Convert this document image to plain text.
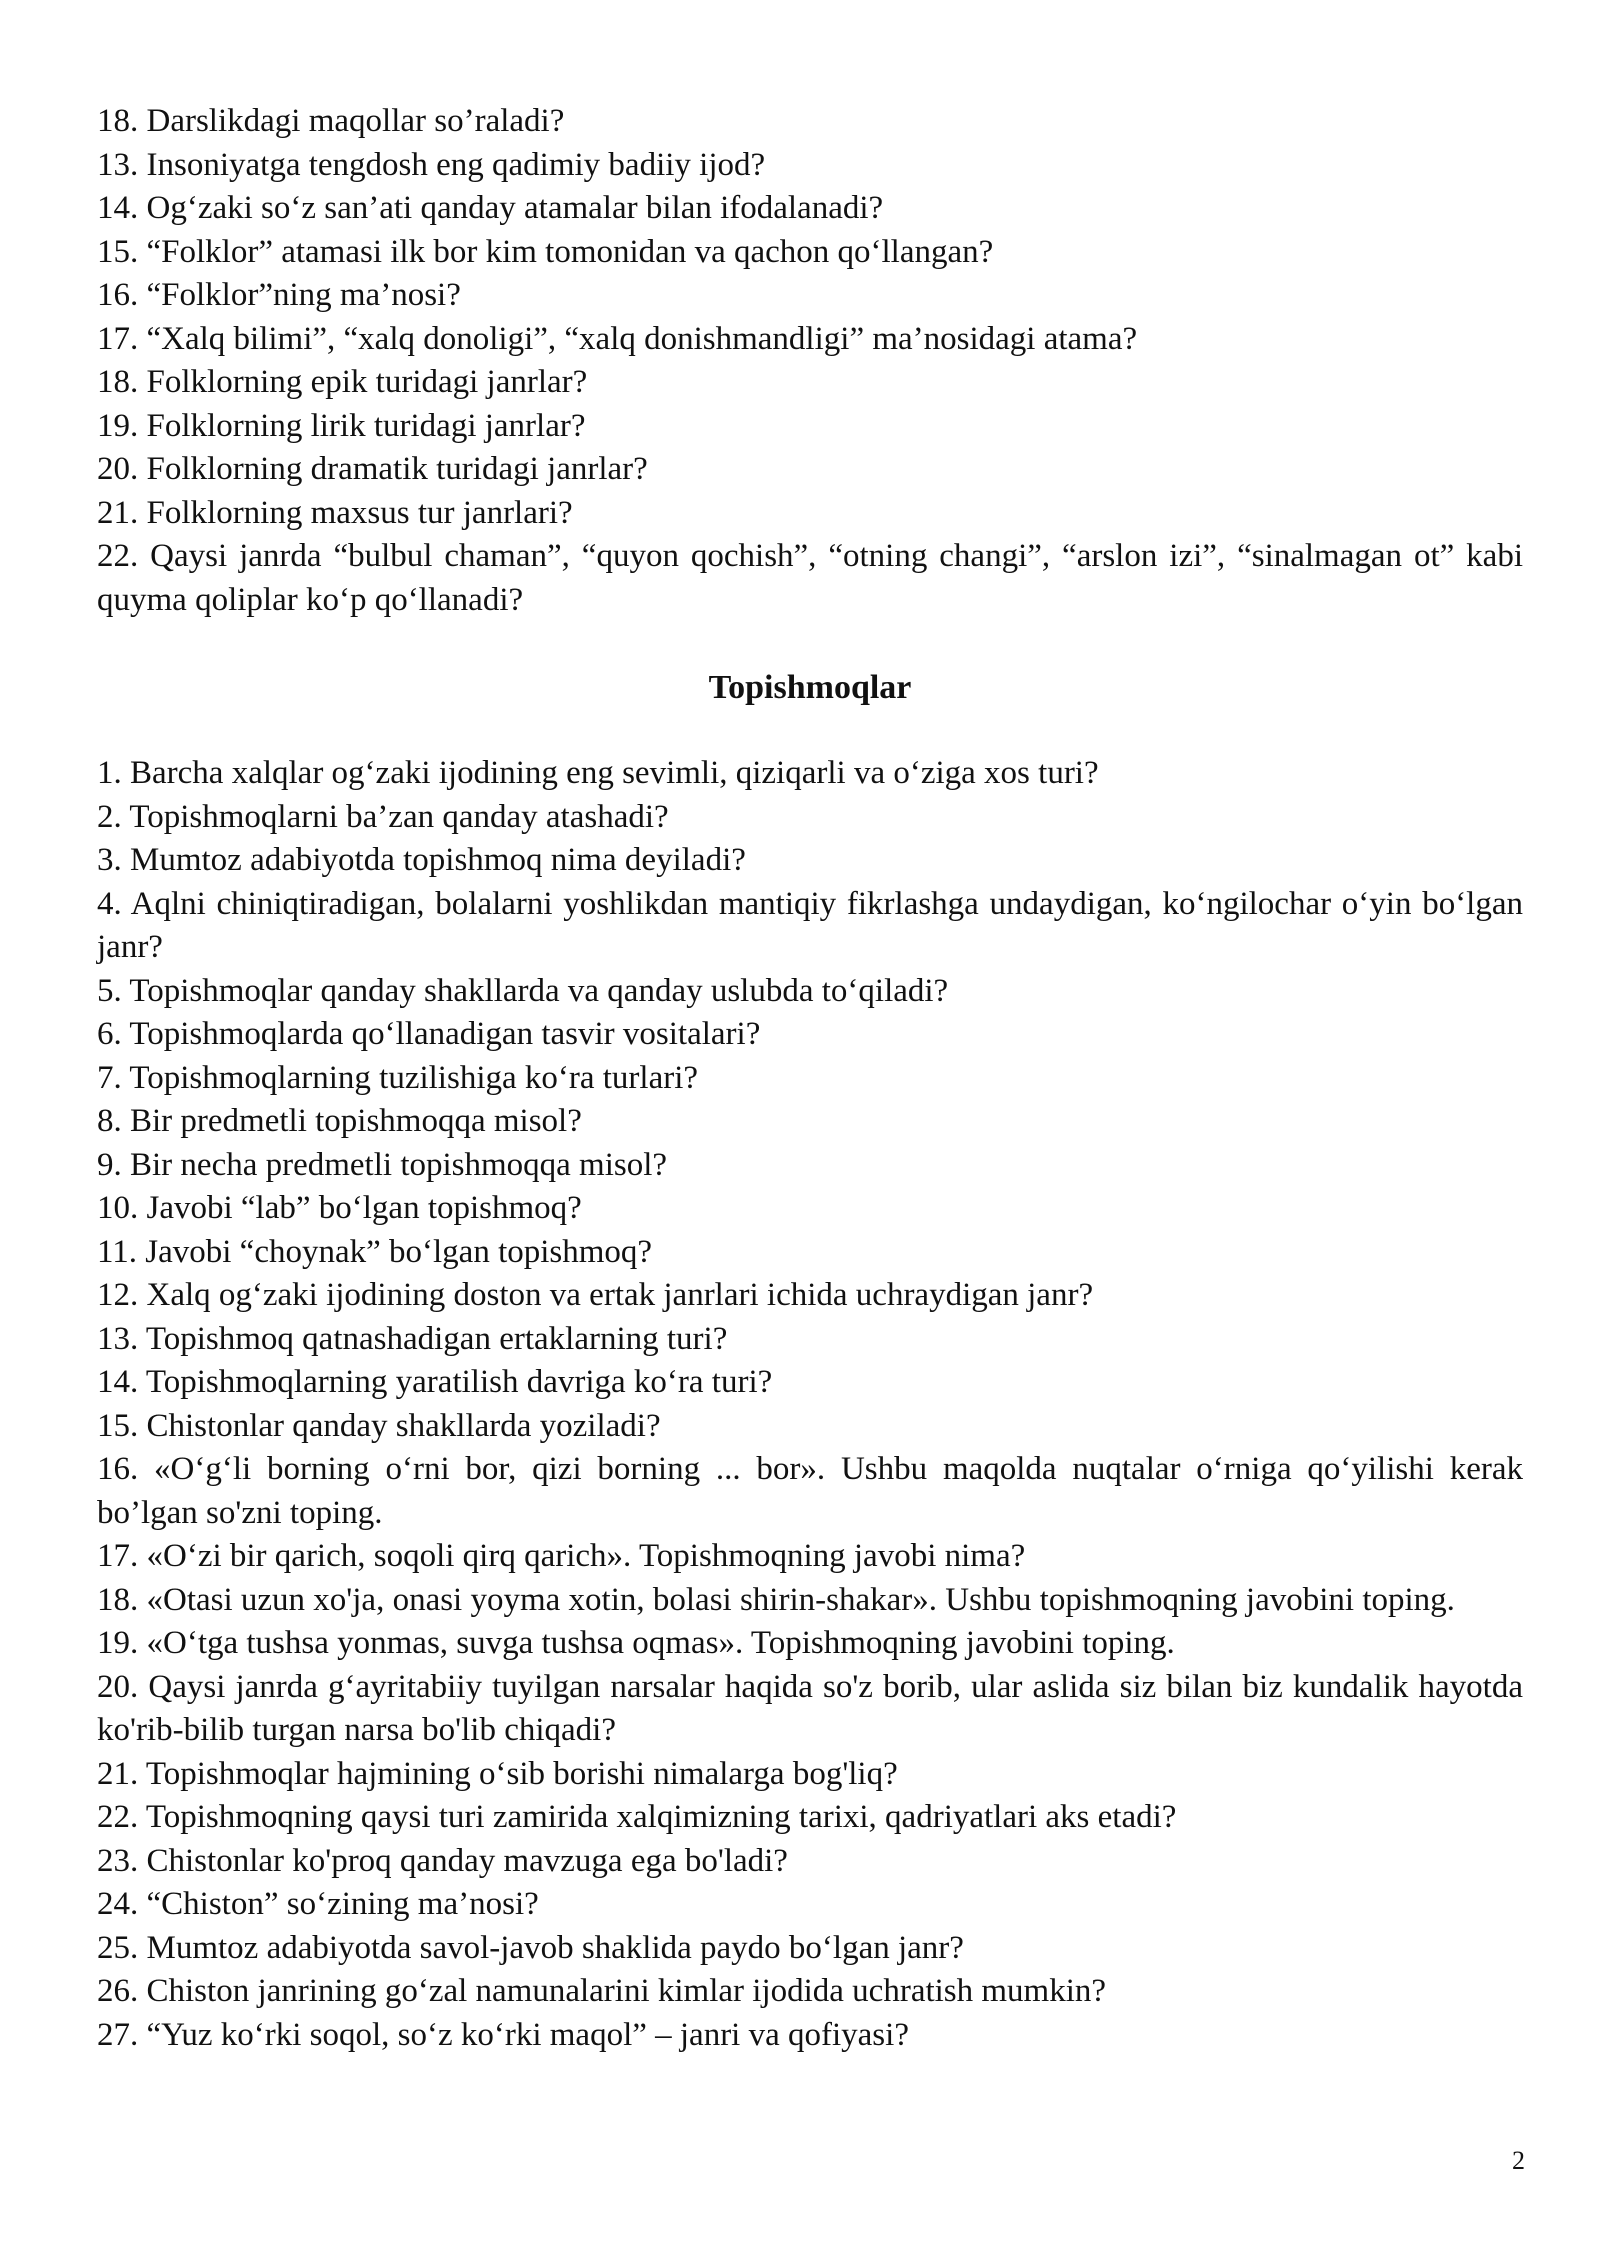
18. Darslikdagi maqollar so’raladi?

13. Insoniyatga tengdosh eng qadimiy badiiy ijod?

14. Og‘zaki so‘z san’ati qanday atamalar bilan ifodalanadi?

15. “Folklor” atamasi ilk bor kim tomonidan va qachon qo‘llangan?

16. “Folklor”ning ma’nosi?

17. “Xalq bilimi”, “xalq donoligi”, “xalq donishmandligi” ma’nosidagi atama?

18. Folklorning epik turidagi janrlar?

19. Folklorning lirik turidagi janrlar?

20. Folklorning dramatik turidagi janrlar?

21. Folklorning maxsus tur janrlari?

22. Qaysi janrda “bulbul chaman”, “quyon qochish”, “otning changi”, “arslon izi”, “sinalmagan ot” kabi quyma qoliplar ko‘p qo‘llanadi?

Topishmoqlar

1. Barcha xalqlar og‘zaki ijodining eng sevimli, qiziqarli va o‘ziga xos turi?

2. Topishmoqlarni ba’zan qanday atashadi?

3. Mumtoz adabiyotda topishmoq nima deyiladi?

4. Aqlni chiniqtiradigan, bolalarni yoshlikdan mantiqiy fikrlashga undaydigan, ko‘ngilochar o‘yin bo‘lgan janr?

5. Topishmoqlar qanday shakllarda va qanday uslubda to‘qiladi?

6. Topishmoqlarda qo‘llanadigan tasvir vositalari?

7. Topishmoqlarning tuzilishiga ko‘ra turlari?

8. Bir predmetli topishmoqqa misol?

9. Bir necha predmetli topishmoqqa misol?

10. Javobi “lab” bo‘lgan topishmoq?

11. Javobi “choynak” bo‘lgan topishmoq?

12. Xalq og‘zaki ijodining doston va ertak janrlari ichida uchraydigan janr?

13. Topishmoq qatnashadigan ertaklarning turi?

14. Topishmoqlarning yaratilish davriga ko‘ra turi?

15. Chistonlar qanday shakllarda yoziladi?

16. «O‘g‘li borning o‘rni bor, qizi borning ... bor». Ushbu maqolda nuqtalar o‘rniga qo‘yilishi kerak bo’lgan so'zni toping.

17. «O‘zi bir qarich, soqoli qirq qarich». Topishmoqning javobi nima?

18. «Otasi uzun xo'ja, onasi yoyma xotin, bolasi shirin-shakar». Ushbu topishmoqning javobini toping.

19. «O‘tga tushsa yonmas, suvga tushsa oqmas». Topishmoqning javobini toping.

20. Qaysi janrda g‘ayritabiiy tuyilgan narsalar haqida so'z borib, ular aslida siz bilan biz kundalik hayotda ko'rib-bilib turgan narsa bo'lib chiqadi?

21. Topishmoqlar hajmining o‘sib borishi nimalarga bog'liq?

22. Topishmoqning qaysi turi zamirida xalqimizning tarixi, qadriyatlari aks etadi?

23. Chistonlar ko'proq qanday mavzuga ega bo'ladi?

24. “Chiston” so‘zining ma’nosi?

25. Mumtoz adabiyotda savol-javob shaklida paydo bo‘lgan janr?

26. Chiston janrining go‘zal namunalarini kimlar ijodida uchratish mumkin?

27. “Yuz ko‘rki soqol, so‘z ko‘rki maqol” – janri va qofiyasi?

2
